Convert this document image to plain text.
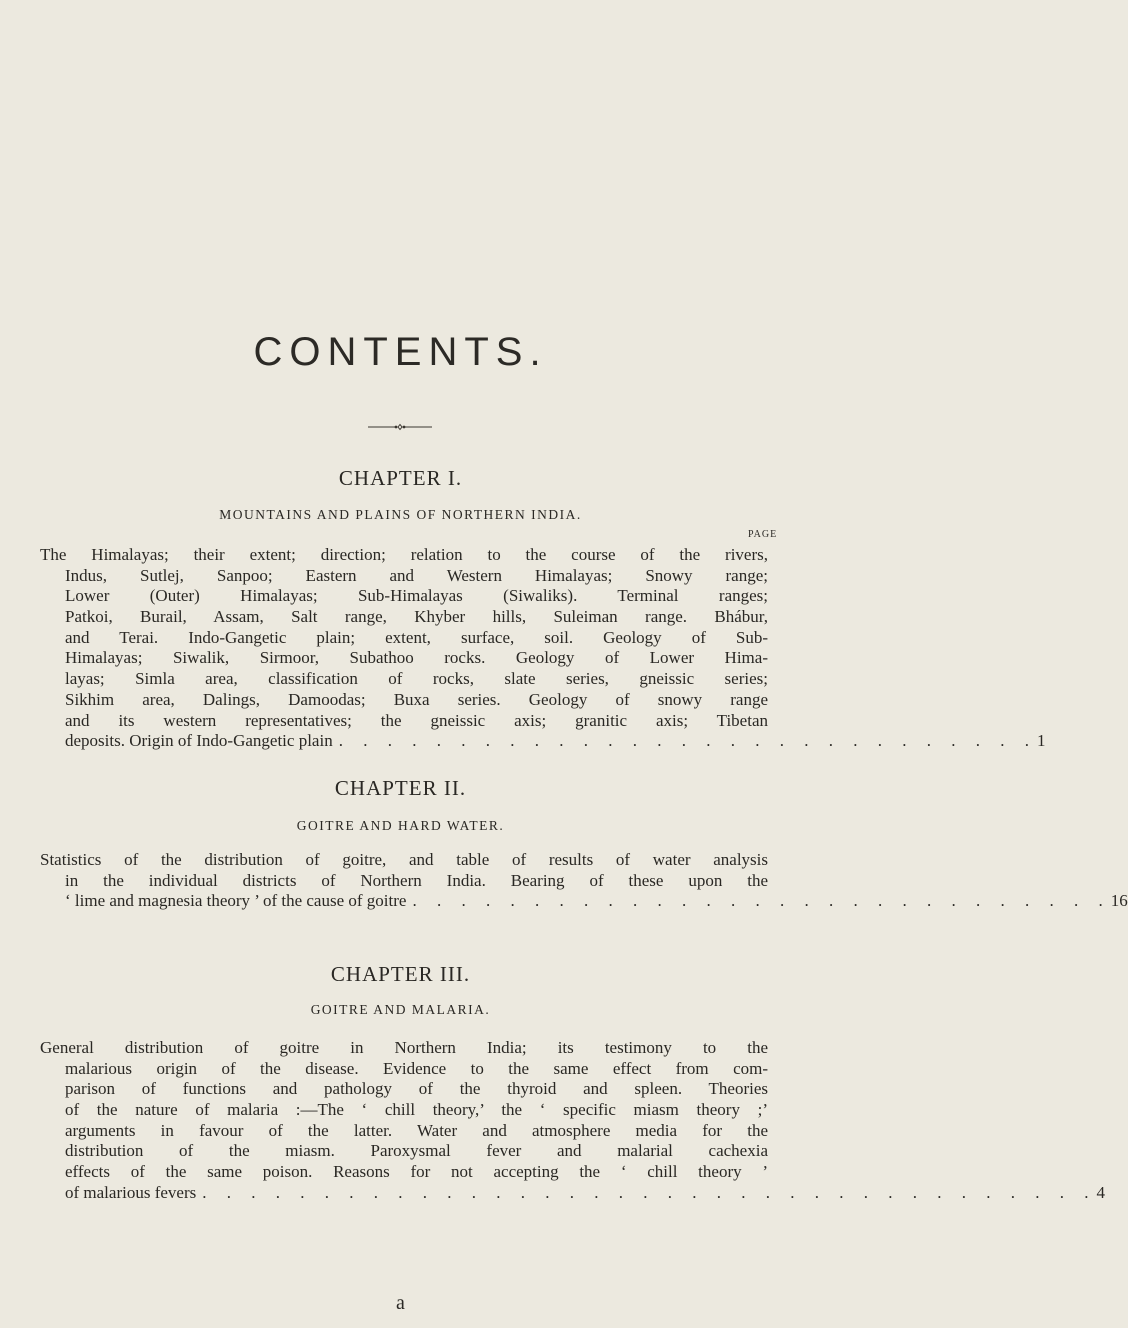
CONTENTS.
CHAPTER I.
MOUNTAINS AND PLAINS OF NORTHERN INDIA.
PAGE
The Himalayas; their extent; direction; relation to the course of the rivers,
Indus, Sutlej, Sanpoo; Eastern and Western Himalayas; Snowy range;
Lower (Outer) Himalayas; Sub-Himalayas (Siwaliks). Terminal ranges;
Patkoi, Burail, Assam, Salt range, Khyber hills, Suleiman range. Bhábur,
and Terai. Indo-Gangetic plain; extent, surface, soil. Geology of Sub-
Himalayas; Siwalik, Sirmoor, Subathoo rocks. Geology of Lower Hima-
layas; Simla area, classification of rocks, slate series, gneissic series;
Sikhim area, Dalings, Damoodas; Buxa series. Geology of snowy range
and its western representatives; the gneissic axis; granitic axis; Tibetan
deposits. Origin of Indo-Gangetic plain . . . . . . . . . . . . . . . . . . . . . . . . . . . . . 1
CHAPTER II.
GOITRE AND HARD WATER.
Statistics of the distribution of goitre, and table of results of water analysis
in the individual districts of Northern India. Bearing of these upon the
‘ lime and magnesia theory ’ of the cause of goitre . . . . . . . . . . . . . . . . . . . . . . . . . . . . . 16
CHAPTER III.
GOITRE AND MALARIA.
General distribution of goitre in Northern India; its testimony to the
malarious origin of the disease. Evidence to the same effect from com-
parison of functions and pathology of the thyroid and spleen. Theories
of the nature of malaria :—The ‘ chill theory,’ the ‘ specific miasm theory ;’
arguments in favour of the latter. Water and atmosphere media for the
distribution of the miasm. Paroxysmal fever and malarial cachexia
effects of the same poison. Reasons for not accepting the ‘ chill theory ’
of malarious fevers . . . . . . . . . . . . . . . . . . . . . . . . . . . . . . . . . . . . . 4
a
